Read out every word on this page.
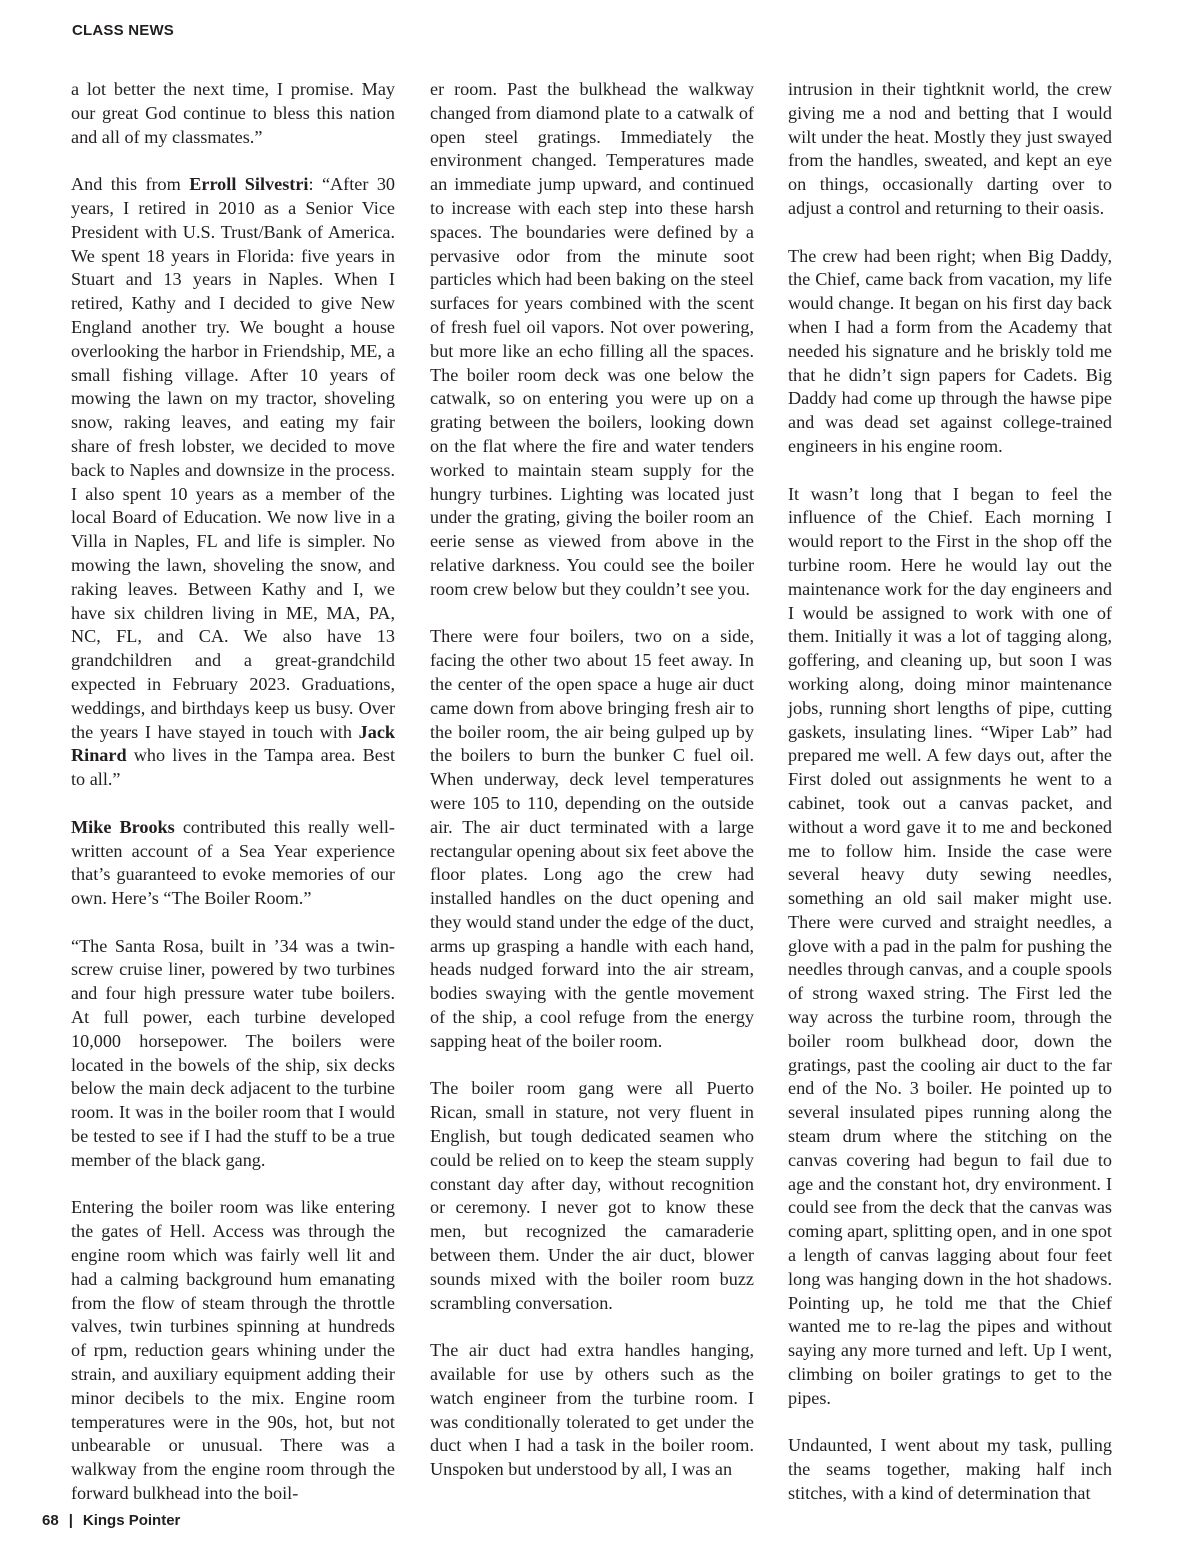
CLASS NEWS

a lot better the next time, I promise. May our great God continue to bless this nation and all of my classmates.”

And this from Erroll Silvestri: “After 30 years, I retired in 2010 as a Senior Vice President with U.S. Trust/Bank of America. We spent 18 years in Florida: five years in Stuart and 13 years in Naples. When I retired, Kathy and I decided to give New England another try. We bought a house overlooking the harbor in Friendship, ME, a small fishing village. After 10 years of mowing the lawn on my tractor, shoveling snow, raking leaves, and eating my fair share of fresh lobster, we decided to move back to Naples and downsize in the process. I also spent 10 years as a member of the local Board of Education. We now live in a Villa in Naples, FL and life is simpler. No mowing the lawn, shoveling the snow, and raking leaves. Between Kathy and I, we have six children living in ME, MA, PA, NC, FL, and CA. We also have 13 grandchildren and a great-grandchild expected in February 2023. Graduations, weddings, and birthdays keep us busy. Over the years I have stayed in touch with Jack Rinard who lives in the Tampa area. Best to all.”

Mike Brooks contributed this really well-written account of a Sea Year experience that’s guaranteed to evoke memories of our own. Here’s “The Boiler Room.”

“The Santa Rosa, built in ’34 was a twin-screw cruise liner, powered by two turbines and four high pressure water tube boilers. At full power, each turbine developed 10,000 horsepower. The boilers were located in the bowels of the ship, six decks below the main deck adjacent to the turbine room. It was in the boiler room that I would be tested to see if I had the stuff to be a true member of the black gang.

Entering the boiler room was like entering the gates of Hell. Access was through the engine room which was fairly well lit and had a calming background hum emanating from the flow of steam through the throttle valves, twin turbines spinning at hundreds of rpm, reduction gears whining under the strain, and auxiliary equipment adding their minor decibels to the mix. Engine room temperatures were in the 90s, hot, but not unbearable or unusual. There was a walkway from the engine room through the forward bulkhead into the boil-

er room. Past the bulkhead the walkway changed from diamond plate to a catwalk of open steel gratings. Immediately the environment changed. Temperatures made an immediate jump upward, and continued to increase with each step into these harsh spaces. The boundaries were defined by a pervasive odor from the minute soot particles which had been baking on the steel surfaces for years combined with the scent of fresh fuel oil vapors. Not over powering, but more like an echo filling all the spaces. The boiler room deck was one below the catwalk, so on entering you were up on a grating between the boilers, looking down on the flat where the fire and water tenders worked to maintain steam supply for the hungry turbines. Lighting was located just under the grating, giving the boiler room an eerie sense as viewed from above in the relative darkness. You could see the boiler room crew below but they couldn’t see you.

There were four boilers, two on a side, facing the other two about 15 feet away. In the center of the open space a huge air duct came down from above bringing fresh air to the boiler room, the air being gulped up by the boilers to burn the bunker C fuel oil. When underway, deck level temperatures were 105 to 110, depending on the outside air. The air duct terminated with a large rectangular opening about six feet above the floor plates. Long ago the crew had installed handles on the duct opening and they would stand under the edge of the duct, arms up grasping a handle with each hand, heads nudged forward into the air stream, bodies swaying with the gentle movement of the ship, a cool refuge from the energy sapping heat of the boiler room.

The boiler room gang were all Puerto Rican, small in stature, not very fluent in English, but tough dedicated seamen who could be relied on to keep the steam supply constant day after day, without recognition or ceremony. I never got to know these men, but recognized the camaraderie between them. Under the air duct, blower sounds mixed with the boiler room buzz scrambling conversation.

The air duct had extra handles hanging, available for use by others such as the watch engineer from the turbine room. I was conditionally tolerated to get under the duct when I had a task in the boiler room. Unspoken but understood by all, I was an

intrusion in their tightknit world, the crew giving me a nod and betting that I would wilt under the heat. Mostly they just swayed from the handles, sweated, and kept an eye on things, occasionally darting over to adjust a control and returning to their oasis.

The crew had been right; when Big Daddy, the Chief, came back from vacation, my life would change. It began on his first day back when I had a form from the Academy that needed his signature and he briskly told me that he didn’t sign papers for Cadets. Big Daddy had come up through the hawse pipe and was dead set against college-trained engineers in his engine room.

It wasn’t long that I began to feel the influence of the Chief. Each morning I would report to the First in the shop off the turbine room. Here he would lay out the maintenance work for the day engineers and I would be assigned to work with one of them. Initially it was a lot of tagging along, goffering, and cleaning up, but soon I was working along, doing minor maintenance jobs, running short lengths of pipe, cutting gaskets, insulating lines. “Wiper Lab” had prepared me well. A few days out, after the First doled out assignments he went to a cabinet, took out a canvas packet, and without a word gave it to me and beckoned me to follow him. Inside the case were several heavy duty sewing needles, something an old sail maker might use. There were curved and straight needles, a glove with a pad in the palm for pushing the needles through canvas, and a couple spools of strong waxed string. The First led the way across the turbine room, through the boiler room bulkhead door, down the gratings, past the cooling air duct to the far end of the No. 3 boiler. He pointed up to several insulated pipes running along the steam drum where the stitching on the canvas covering had begun to fail due to age and the constant hot, dry environment. I could see from the deck that the canvas was coming apart, splitting open, and in one spot a length of canvas lagging about four feet long was hanging down in the hot shadows. Pointing up, he told me that the Chief wanted me to re-lag the pipes and without saying any more turned and left. Up I went, climbing on boiler gratings to get to the pipes.

Undaunted, I went about my task, pulling the seams together, making half inch stitches, with a kind of determination that

68 | Kings Pointer
